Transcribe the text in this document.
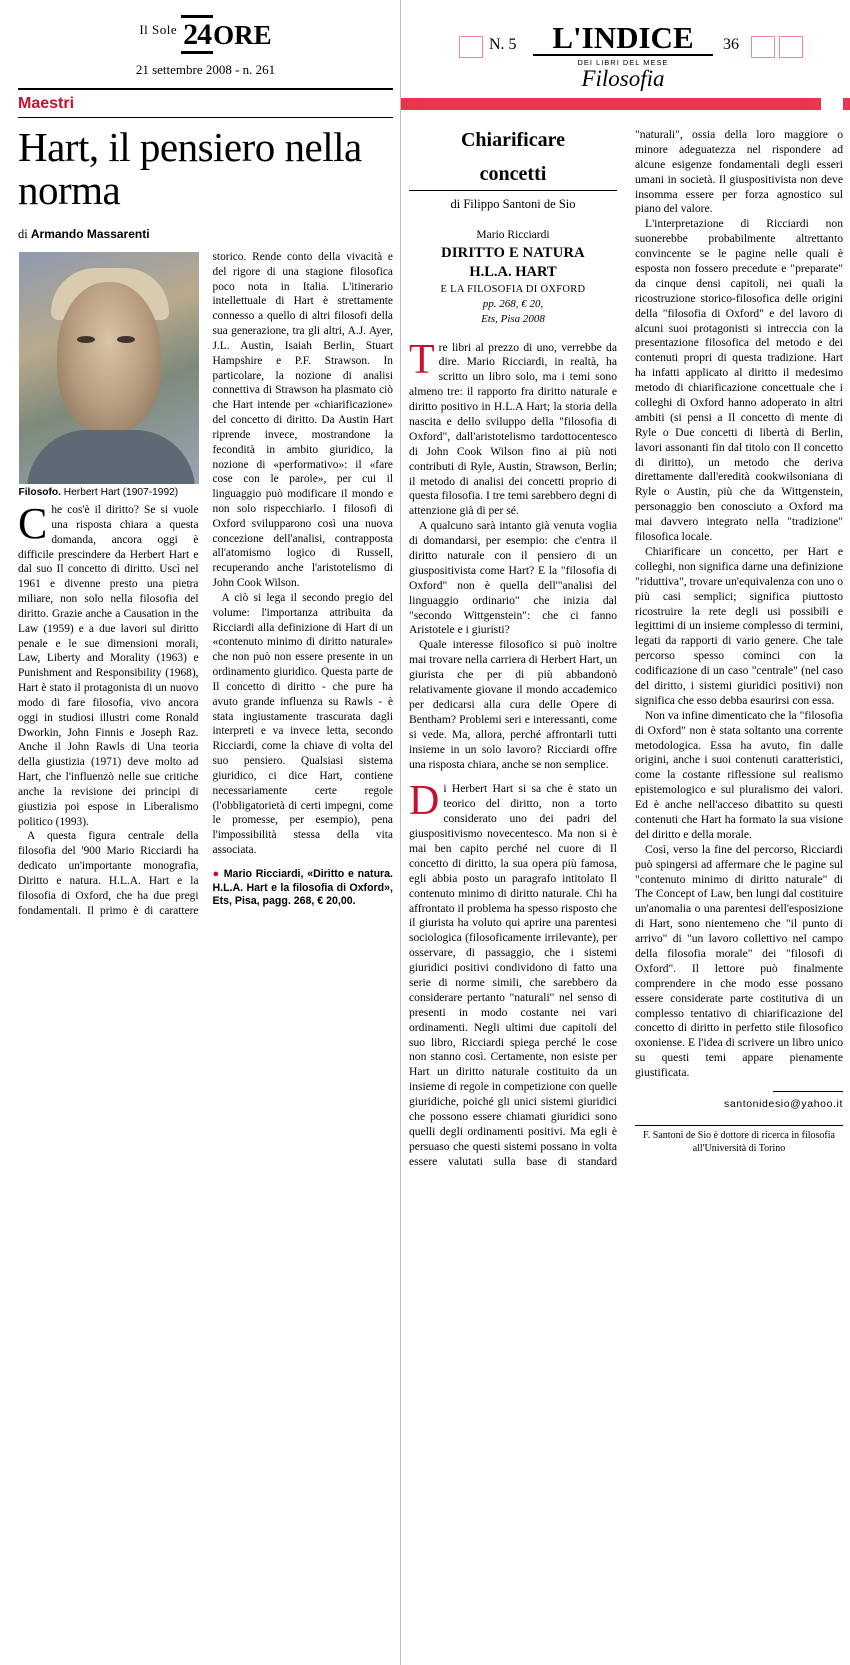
$^{Il Sole}$ 24ORE
21 settembre 2008 - n. 261
Maestri
Hart, il pensiero nella norma
di Armando Massarenti
Filosofo. Herbert Hart (1907-1992)

Che cos'è il diritto? Se si vuole una risposta chiara a questa domanda, ancora oggi è difficile prescindere da Herbert Hart e dal suo Il concetto di diritto. Uscì nel 1961 e divenne presto una pietra miliare, non solo nella filosofia del diritto. Grazie anche a Causation in the Law (1959) e a due lavori sul diritto penale e le sue dimensioni morali, Law, Liberty and Morality (1963) e Punishment and Responsibility (1968), Hart è stato il protagonista di un nuovo modo di fare filosofia, vivo ancora oggi in studiosi illustri come Ronald Dworkin, John Finnis e Joseph Raz. Anche il John Rawls di Una teoria della giustizia (1971) deve molto ad Hart, che l'influenzò nelle sue critiche anche la revisione dei principi di giustizia poi espose in Liberalismo politico (1993).

A questa figura centrale della filosofia del '900 Mario Ricciardi ha dedicato un'importante monografia, Diritto e natura. H.L.A. Hart e la filosofia di Oxford, che ha due pregi fondamentali. Il primo è di carattere storico. Rende conto della vivacità e del rigore di una stagione filosofica poco nota in Italia. L'itinerario intellettuale di Hart è strettamente connesso a quello di altri filosofi della sua generazione, tra gli altri, A.J. Ayer, J.L. Austin, Isaiah Berlin, Stuart Hampshire e P.F. Strawson. In particolare, la nozione di analisi connettiva di Strawson ha plasmato ciò che Hart intende per «chiarificazione» del concetto di diritto. Da Austin Hart riprende invece, mostrandone la fecondità in ambito giuridico, la nozione di «performativo»: il «fare cose con le parole», per cui il linguaggio può modificare il mondo e non solo rispecchiarlo. I filosofi di Oxford svilupparono così una nuova concezione dell'analisi, contrapposta all'atomismo logico di Russell, recuperando anche l'aristotelismo di John Cook Wilson.

A ciò si lega il secondo pregio del volume: l'importanza attribuita da Ricciardi alla definizione di Hart di un «contenuto minimo di diritto naturale» che non può non essere presente in un ordinamento giuridico. Questa parte de Il concetto di diritto - che pure ha avuto grande influenza su Rawls - è stata ingiustamente trascurata dagli interpreti e va invece letta, secondo Ricciardi, come la chiave di volta del suo pensiero. Qualsiasi sistema giuridico, ci dice Hart, contiene necessariamente certe regole (l'obbligatorietà di certi impegni, come le promesse, per esempio), pena l'impossibilità stessa della vita associata.

● Mario Ricciardi, «Diritto e natura. H.L.A. Hart e la filosofia di Oxford», Ets, Pisa, pagg. 268, € 20,00.
N. 5	36
L'INDICE
DEI LIBRI DEL MESE
Filosofia
Chiarificare
concetti
di Filippo Santoni de Sio
Mario Ricciardi
DIRITTO E NATURA
H.L.A. HART
E LA FILOSOFIA DI OXFORD
pp. 268, € 20,
Ets, Pisa 2008

Tre libri al prezzo di uno, verrebbe da dire. Mario Ricciardi, in realtà, ha scritto un libro solo, ma i temi sono almeno tre: il rapporto fra diritto naturale e diritto positivo in H.L.A Hart; la storia della nascita e dello sviluppo della "filosofia di Oxford", dall'aristotelismo tardottocentesco di John Cook Wilson fino ai più noti contributi di Ryle, Austin, Strawson, Berlin; il metodo di analisi dei concetti proprio di questa filosofia. I tre temi sarebbero degni di attenzione già di per sé.

A qualcuno sarà intanto già venuta voglia di domandarsi, per esempio: che c'entra il diritto naturale con il pensiero di un giuspositivista come Hart? E la "filosofia di Oxford" non è quella dell'"analisi del linguaggio ordinario" che inizia dal "secondo Wittgenstein": che ci fanno Aristotele e i giuristi?

Quale interesse filosofico si può inoltre mai trovare nella carriera di Herbert Hart, un giurista che per di più abbandonò relativamente giovane il mondo accademico per dedicarsi alla cura delle Opere di Bentham? Problemi seri e interessanti, come si vede. Ma, allora, perché affrontarli tutti insieme in un solo lavoro? Ricciardi offre una risposta chiara, anche se non semplice.

Di Herbert Hart si sa che è stato un teorico del diritto, non a torto considerato uno dei padri del giuspositivismo novecentesco. Ma non si è mai ben capito perché nel cuore di Il concetto di diritto, la sua opera più famosa, egli abbia posto un paragrafo intitolato Il contenuto minimo di diritto naturale. Chi ha affrontato il problema ha spesso risposto che il giurista ha voluto qui aprire una parentesi sociologica (filosoficamente irrilevante), per osservare, di passaggio, che i sistemi giuridici positivi condividono di fatto una serie di norme simili, che sarebbero da considerare pertanto "naturali" nel senso di presenti in modo costante nei vari ordinamenti. Negli ultimi due capitoli del suo libro, Ricciardi spiega perché le cose non stanno così. Certamente, non esiste per Hart un diritto naturale costituito da un insieme di regole in competizione con quelle giuridiche, poiché gli unici sistemi giuridici che possono essere chiamati giuridici sono quelli degli ordinamenti positivi. Ma egli è persuaso che questi sistemi possano in volta essere valutati sulla base di standard "naturali", ossia della loro maggiore o minore adeguatezza nel rispondere ad alcune esigenze fondamentali degli esseri umani in società. Il giuspositivista non deve insomma essere per forza agnostico sul piano del valore.

L'interpretazione di Ricciardi non suonerebbe probabilmente altrettanto convincente se le pagine nelle quali è esposta non fossero precedute e "preparate" da cinque densi capitoli, nei quali la ricostruzione storico-filosofica delle origini della "filosofia di Oxford" e del lavoro di alcuni suoi protagonisti si intreccia con la presentazione filosofica del metodo e dei contenuti propri di questa tradizione. Hart ha infatti applicato al diritto il medesimo metodo di chiarificazione concettuale che i colleghi di Oxford hanno adoperato in altri ambiti (si pensi a Il concetto di mente di Ryle o Due concetti di libertà di Berlin, lavori assonanti fin dal titolo con Il concetto di diritto), un metodo che deriva direttamente dall'eredità cookwilsoniana di Ryle o Austin, più che da Wittgenstein, personaggio ben conosciuto a Oxford ma mai davvero integrato nella "tradizione" filosofica locale.

Chiarificare un concetto, per Hart e colleghi, non significa darne una definizione "riduttiva", trovare un'equivalenza con uno o più casi semplici; significa piuttosto ricostruire la rete degli usi possibili e legittimi di un insieme complesso di termini, legati da rapporti di vario genere. Che tale percorso spesso cominci con la codificazione di un caso "centrale" (nel caso del diritto, i sistemi giuridici positivi) non significa che esso debba esaurirsi con essa.

Non va infine dimenticato che la "filosofia di Oxford" non è stata soltanto una corrente metodologica. Essa ha avuto, fin dalle origini, anche i suoi contenuti caratteristici, come la costante riflessione sul realismo epistemologico e sul pluralismo dei valori. Ed è anche nell'acceso dibattito su questi contenuti che Hart ha formato la sua visione del diritto e della morale.

Così, verso la fine del percorso, Ricciardi può spingersi ad affermare che le pagine sul "contenuto minimo di diritto naturale" di The Concept of Law, ben lungi dal costituire un'anomalia o una parentesi dell'esposizione di Hart, sono nientemeno che "il punto di arrivo" di "un lavoro collettivo nel campo della filosofia morale" dei "filosofi di Oxford". Il lettore può finalmente comprendere in che modo esse possano essere considerate parte costitutiva di un complesso tentativo di chiarificazione del concetto di diritto in perfetto stile filosofico oxoniense. E l'idea di scrivere un libro unico su questi temi appare pienamente giustificata.

santonidesio@yahoo.it
F. Santoni de Sio è dottore di ricerca in filosofia all'Università di Torino
